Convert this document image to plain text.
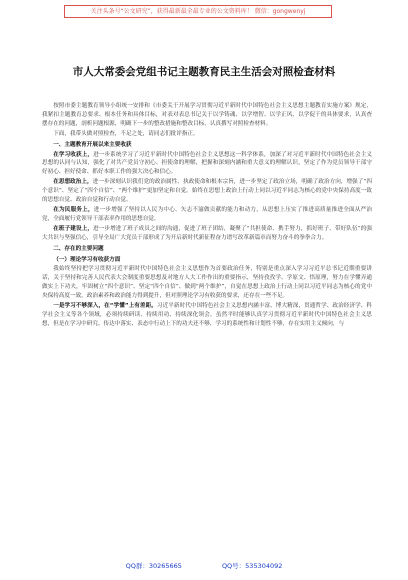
关注头条号“公文研究”，获得最新最全最专业的公文资料库！ 微信：gongwenyj
市人大常委会党组书记主题教育民主生活会对照检查材料

按照市委主题教育领导小组统一安排和《市委关于开展学习贯彻习近平新时代中国特色社会主义思想主题教育实施方案》规定，我紧扣主题教育总要求、根本任务和具体目标，对表对表总书记关于以学铸魂、以学增智、以学正风、以学促干的具体要求，认真查摆存在的问题，剖析问题根源，明确下一步的整改措施和整改目标，认真撰写对照检查材料。

下面，我带头做对照检查，不足之处，请同志们批评指正。

一、主题教育开展以来主要收获

在学习收获上，进一步系统学习了习近平新时代中国特色社会主义思想这一科学体系，加深了对习近平新时代中国特色社会主义思想的认同与认知，强化了对共产党员守初心、担使命的理解，把握和深刻内涵和重大意义的理解认识，坚定了作为党员领导干部守好初心、担好使命、抓好本职工作的强大决心和信心。

在思想政治上，进一步深刻认识我们党的政治属性、执政使命和根本宗旨，进一步坚定了政治立场，明确了政治方向，增强了“四个意识”、坚定了“四个自信”、“两个维护”更加坚定和自觉。始终在思想上政治上行动上同以习近平同志为核心的党中央保持高度一致的思想自觉、政治自觉和行动自觉。

在为民服务上，进一步增强了坚持以人民为中心、矢志不渝做贡献的能力和动力，从思想上压实了推进高质量推进全面从严治党，全面履行党领导干部表率作用的思想自觉。

在班子建设上，进一步增进了班子成员之间的沟通，促进了班子团结，凝聚了“共担使命、携手努力，抓好班子、带好队伍”的强大共识与坚强信心，引导全局广大党员干部形成了为开启新时代新征程奋力谱写改革新篇章而努力奋斗的拳拳合力。

二、存在的主要问题

（一）理论学习有收获方面

我始终坚持把学习贯彻习近平新时代中国特色社会主义思想作为首要政治任务，特别是重点深入学习习近平总书记近期重要讲话，关于坚持和完善人民代表大会制度重要思想及对地方人大工作作出的重要指示，坚持孜孜学、学原文、悟原理，努力在学懂弄通做实上下功夫，牢固树立“四个意识”、坚定“四个自信”、做到“两个维护”，自觉在思想上政治上行动上同以习近平同志为核心的党中央保持高度一致，政治素养和政治能力得到提升，但对照理论学习有收获的要求，还存在一些不足。

一是学习不够深入，在“学懂”上有差距。习近平新时代中国特色社会主义思想内涵丰富、博大精深，贯通哲学、政治经济学、科学社会主义等各个领域，必须持续研读、持续用功、持续深化领会。虽然平时能够认真学习贯彻习近平新时代中国特色社会主义思想，但是在学习中研究、传达中落实、表态中行动上下的功夫还不够，学习的系统性和计划性不够，存在实用主义倾向，与

QQ群：30265665	QQ号：535304092
